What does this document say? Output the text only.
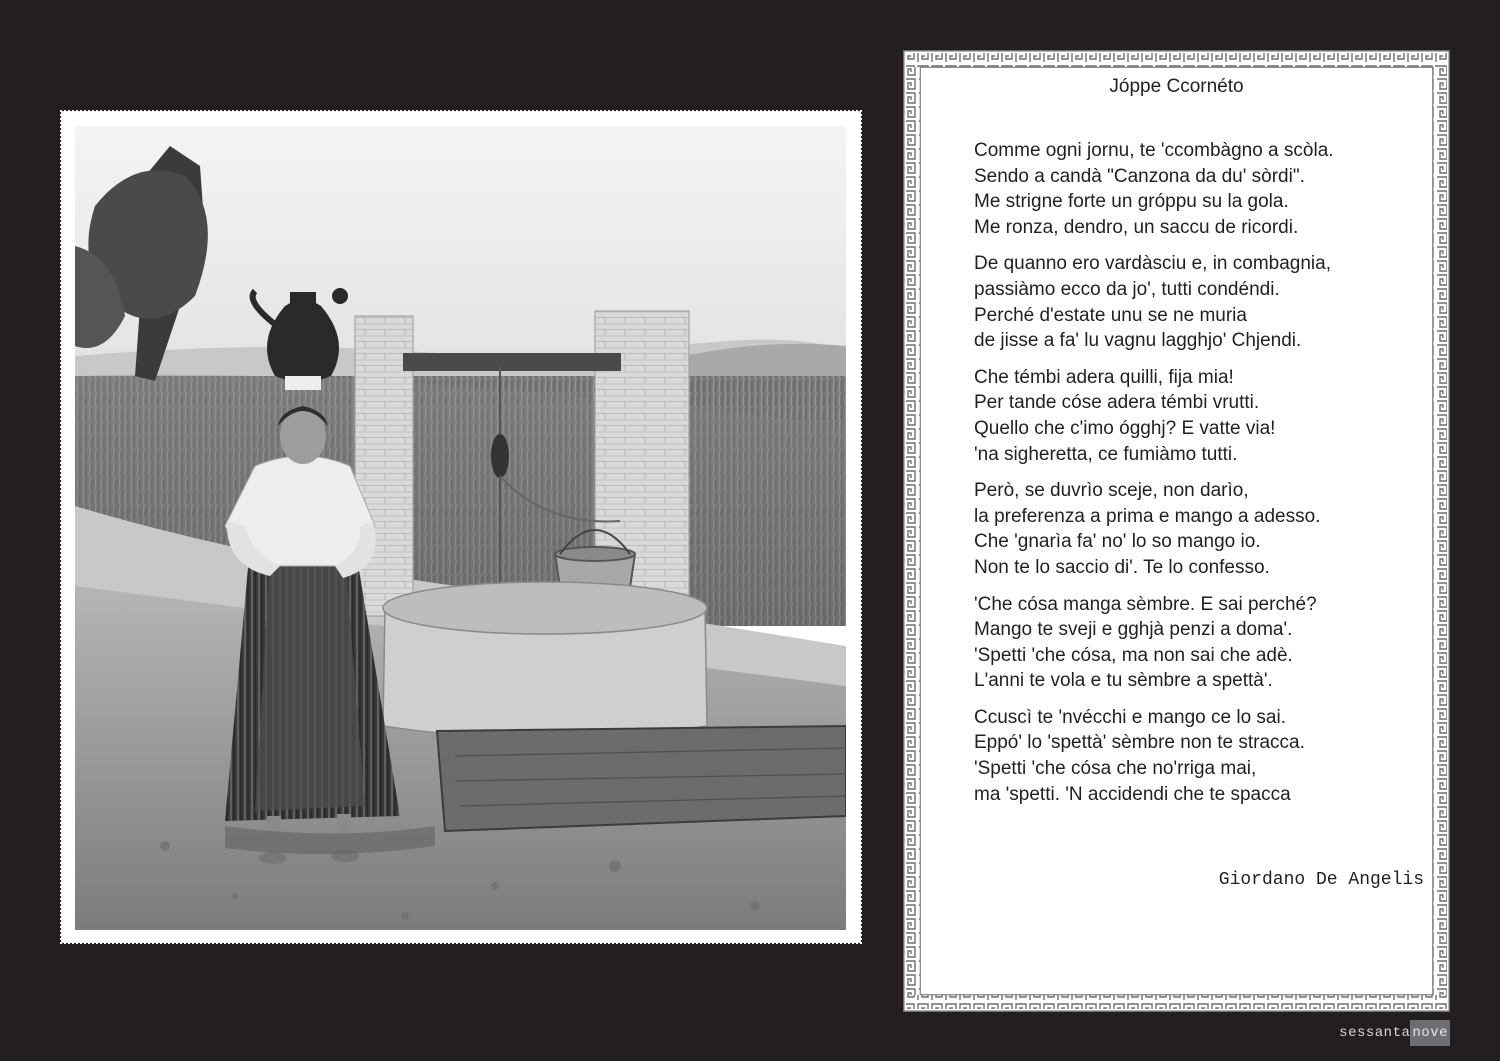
Jóppe Ccornéto
Comme ogni jornu, te 'ccombàgno a scòla.
Sendo a candà "Canzona da du' sòrdi".
Me strigne forte un gróppu su la gola.
Me ronza, dendro, un saccu de ricordi.
De quanno ero vardàsciu e, in combagnia,
passiàmo ecco da jo', tutti condéndi.
Perché d'estate unu se ne muria
de jisse a fa' lu vagnu lagghjo' Chjendi.
Che témbi adera quilli, fija mia!
Per tande cóse adera témbi vrutti.
Quello che c'imo ógghj? E vatte via!
'na sigheretta, ce fumiàmo tutti.
Però, se duvrìo sceje, non darìo,
la preferenza a prima e mango a adesso.
Che 'gnarìa fa' no' lo so mango io.
Non te lo saccio di'. Te lo confesso.
'Che cósa manga sèmbre. E sai perché?
Mango te sveji e gghjà penzi a doma'.
'Spetti 'che cósa, ma non sai che adè.
L'anni te vola e tu sèmbre a spettà'.
Ccuscì te 'nvécchi e mango ce lo sai.
Eppó' lo 'spettà' sèmbre non te stracca.
'Spetti 'che cósa che no'rriga mai,
ma 'spetti. 'N accidendi che te spacca
Giordano De Angelis
sessanta nove
